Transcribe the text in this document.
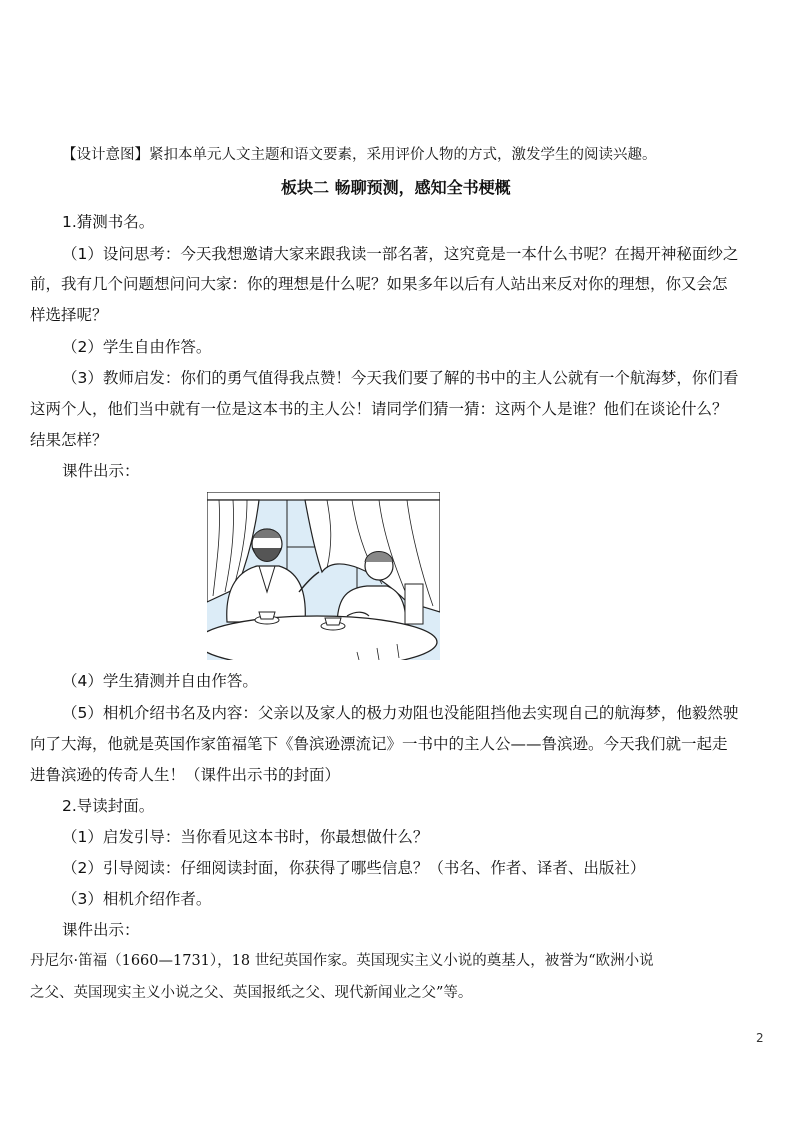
【设计意图】紧扣本单元人文主题和语文要素，采用评价人物的方式，激发学生的阅读兴趣。
板块二 畅聊预测，感知全书梗概
1.猜测书名。
（1）设问思考：今天我想邀请大家来跟我读一部名著，这究竟是一本什么书呢？在揭开神秘面纱之
前，我有几个问题想问问大家：你的理想是什么呢？如果多年以后有人站出来反对你的理想，你又会怎
样选择呢？
（2）学生自由作答。
（3）教师启发：你们的勇气值得我点赞！今天我们要了解的书中的主人公就有一个航海梦，你们看
这两个人，他们当中就有一位是这本书的主人公！请同学们猜一猜：这两个人是谁？他们在谈论什么？
结果怎样？
课件出示：
（4）学生猜测并自由作答。
（5）相机介绍书名及内容：父亲以及家人的极力劝阻也没能阻挡他去实现自己的航海梦，他毅然驶
向了大海，他就是英国作家笛福笔下《鲁滨逊漂流记》一书中的主人公——鲁滨逊。今天我们就一起走
进鲁滨逊的传奇人生！（课件出示书的封面）
2.导读封面。
（1）启发引导：当你看见这本书时，你最想做什么？
（2）引导阅读：仔细阅读封面，你获得了哪些信息？（书名、作者、译者、出版社）
（3）相机介绍作者。
课件出示：
丹尼尔·笛福（1660—1731），18 世纪英国作家。英国现实主义小说的奠基人，被誉为“欧洲小说
之父、英国现实主义小说之父、英国报纸之父、现代新闻业之父”等。
2
